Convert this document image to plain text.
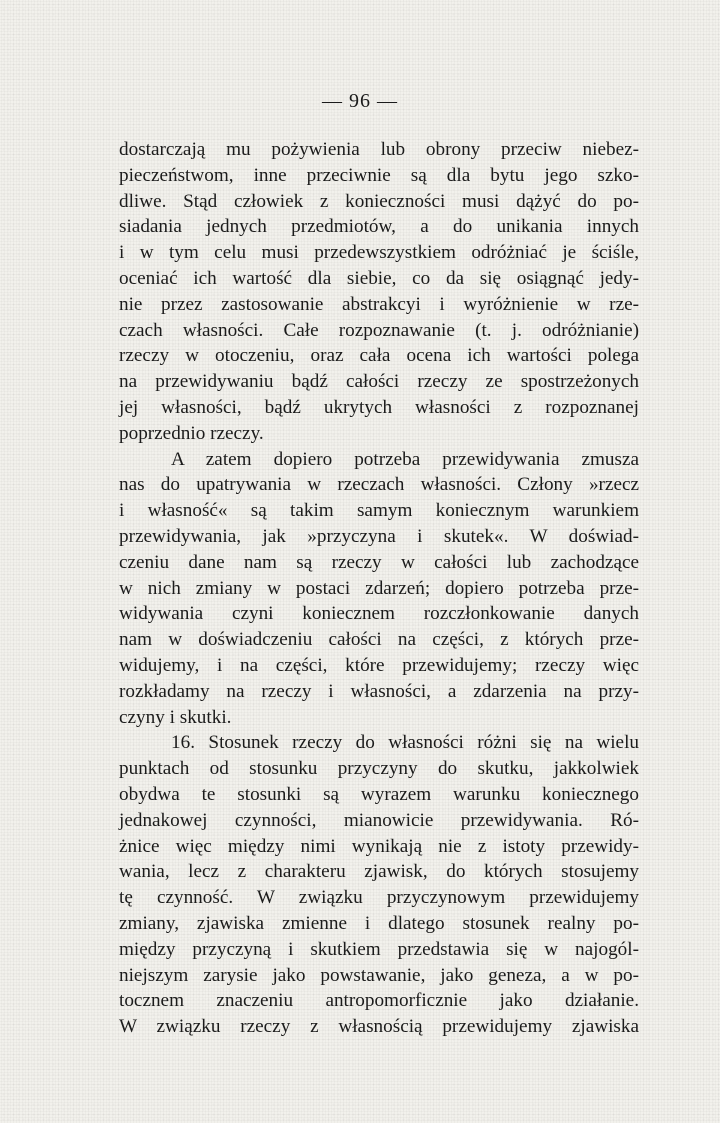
— 96 —
dostarczają mu pożywienia lub obrony przeciw niebez-
pieczeństwom, inne przeciwnie są dla bytu jego szko-
dliwe. Stąd człowiek z konieczności musi dążyć do po-
siadania jednych przedmiotów, a do unikania innych
i w tym celu musi przedewszystkiem odróżniać je ściśle,
oceniać ich wartość dla siebie, co da się osiągnąć jedy-
nie przez zastosowanie abstrakcyi i wyróżnienie w rze-
czach własności. Całe rozpoznawanie (t. j. odróżnianie)
rzeczy w otoczeniu, oraz cała ocena ich wartości polega
na przewidywaniu bądź całości rzeczy ze spostrzeżonych
jej własności, bądź ukrytych własności z rozpoznanej
poprzednio rzeczy.
A zatem dopiero potrzeba przewidywania zmusza
nas do upatrywania w rzeczach własności. Człony »rzecz
i własność« są takim samym koniecznym warunkiem
przewidywania, jak »przyczyna i skutek«. W doświad-
czeniu dane nam są rzeczy w całości lub zachodzące
w nich zmiany w postaci zdarzeń; dopiero potrzeba prze-
widywania czyni koniecznem rozczłonkowanie danych
nam w doświadczeniu całości na części, z których prze-
widujemy, i na części, które przewidujemy; rzeczy więc
rozkładamy na rzeczy i własności, a zdarzenia na przy-
czyny i skutki.
16. Stosunek rzeczy do własności różni się na wielu
punktach od stosunku przyczyny do skutku, jakkolwiek
obydwa te stosunki są wyrazem warunku koniecznego
jednakowej czynności, mianowicie przewidywania. Ró-
żnice więc między nimi wynikają nie z istoty przewidy-
wania, lecz z charakteru zjawisk, do których stosujemy
tę czynność. W związku przyczynowym przewidujemy
zmiany, zjawiska zmienne i dlatego stosunek realny po-
między przyczyną i skutkiem przedstawia się w najogól-
niejszym zarysie jako powstawanie, jako geneza, a w po-
tocznem znaczeniu antropomorficznie jako działanie.
W związku rzeczy z własnością przewidujemy zjawiska
